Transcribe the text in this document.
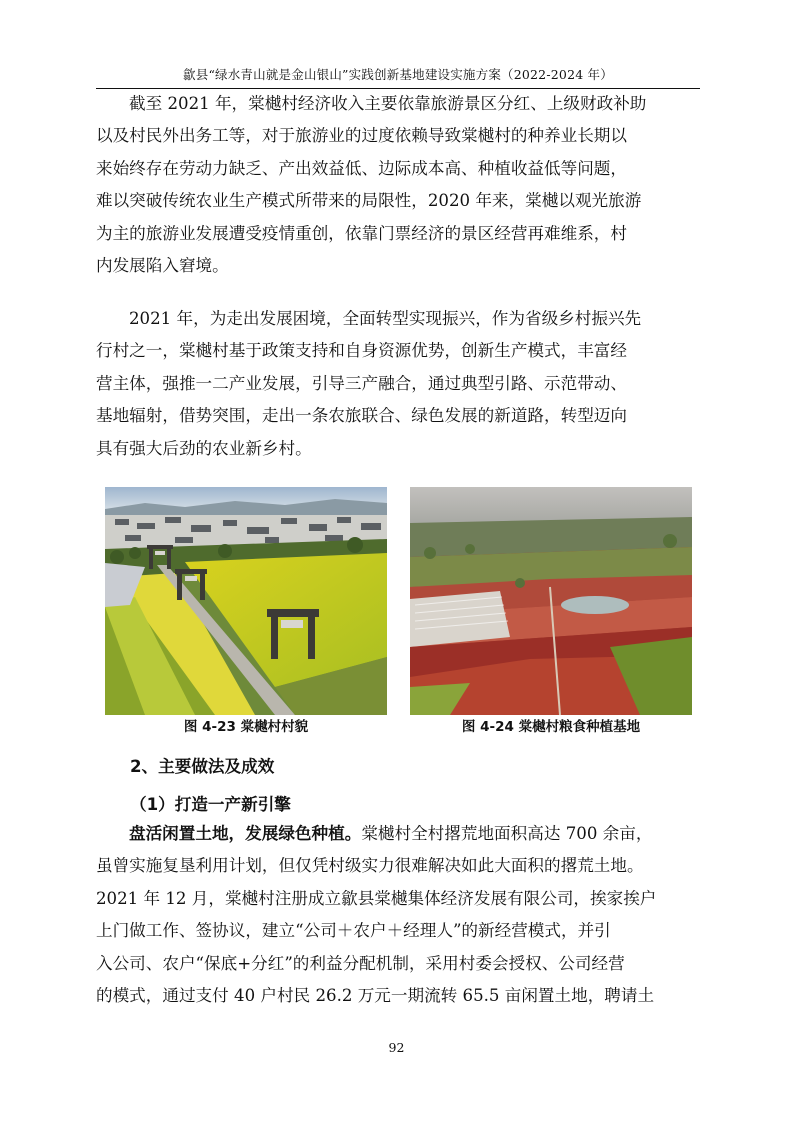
歙县“绿水青山就是金山银山”实践创新基地建设实施方案（2022-2024 年）
截至 2021 年，棠樾村经济收入主要依靠旅游景区分红、上级财政补助
以及村民外出务工等，对于旅游业的过度依赖导致棠樾村的种养业长期以
来始终存在劳动力缺乏、产出效益低、边际成本高、种植收益低等问题，
难以突破传统农业生产模式所带来的局限性，2020 年来，棠樾以观光旅游
为主的旅游业发展遭受疫情重创，依靠门票经济的景区经营再难维系，村
内发展陷入窘境。
2021 年，为走出发展困境，全面转型实现振兴，作为省级乡村振兴先
行村之一，棠樾村基于政策支持和自身资源优势，创新生产模式，丰富经
营主体，强推一二产业发展，引导三产融合，通过典型引路、示范带动、
基地辐射，借势突围，走出一条农旅联合、绿色发展的新道路，转型迈向
具有强大后劲的农业新乡村。
图 4-23 棠樾村村貌	图 4-24 棠樾村粮食种植基地
2、主要做法及成效
（1）打造一产新引擎
盘活闲置土地，发展绿色种植。棠樾村全村撂荒地面积高达 700 余亩，
虽曾实施复垦利用计划，但仅凭村级实力很难解决如此大面积的撂荒土地。
2021 年 12 月，棠樾村注册成立歙县棠樾集体经济发展有限公司，挨家挨户
上门做工作、签协议，建立“公司＋农户＋经理人”的新经营模式，并引
入公司、农户“保底+分红”的利益分配机制，采用村委会授权、公司经营
的模式，通过支付 40 户村民 26.2 万元一期流转 65.5 亩闲置土地，聘请土
92
